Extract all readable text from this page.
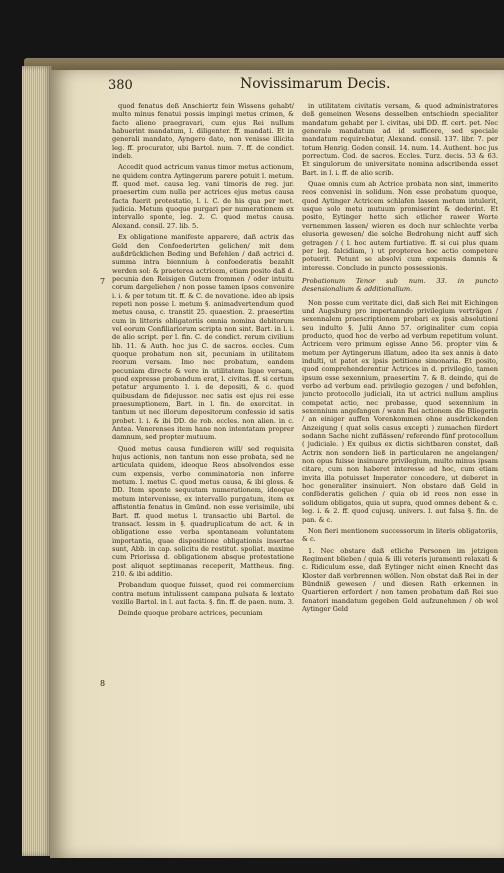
380	Novissimarum Decis.
7
8

quod fenatus deß Anschiertz fein Wissens gehabt/ multo minus fenatui possis impingi metus crimen, & facto alieno praegravari, cum ejus Rei nullum habuerint mandatum, l. diligenter. ff. mandati. Et in generali mandato, Ayngero dato, non venisse illicita leg. ff. procurator, ubi Bartol. num. 7. ff. de condict. indeb.

Accedit quod actricum vanus timor metus actionum, ne quidem contra Aytingerum parere potuit l. metum. ff. quod met. causa leg. vani timoris de reg. jur. praesertim cum nulla per actrices ejus metus causa facta fuerit protestatio, l. i. C. de his qua per met. judicia. Metum quoque purgari per numerationem ex intervallo sponte, leg. 2. C. quod metus causa. Alexand. consil. 27. lib. 5.

Ex obligatione manifeste apparere, daß actrix das Geld den Confoederirten gelichen/ mit dem außdrücklichen Beding und Befehlen / daß actrici d. summa intra biennium à confoederatis bezahlt werden sol: & praeterea actricem, etiam posito daß d. pecunia den Reisigen Gutem frommen / oder intuitu corum dargeliehen / non posse tamen ipsos convenire i. i. & per totum tit. ff. & C. de novatione. ideo ab ipsis repeti non posse l. metum §. animadvertendum quod metus causa, c. transtit 25. quaestion. 2. praesertim cum in litteris obligatoriis omnia nomina debitorum vel eorum Confiliariorum scripta non sint. Bart. in l. i. de alio script. per l. fin. C. de condict. rerum civilium lib. 11. & Auth. hoc jus C. de sacros. eccles. Cum quoque probatum non sit, pecuniam in utilitatem reorum versam. Imo nec probatum, eandem pecuniam directe & vere in utilitatem ligae versam, quod expresse probandum erat, l. civitas. ff. si certum petatur argumento l. i. de depositi, & c. quod quibusdam de fidejussor. nec satis est ejus rei esse praesumptionem, Bart. in l. fin. de exercitat. in tantum ut nec illorum depositorum confessio id satis probet. l. i. & ibi DD. de rob. eccles. non alien. in c. Antea. Venerenses item hane non intentatam proprer damnum, sed propter mutuum.

Quod metus causa fundieren will/ sed requisita hujus actionis, non tantum non esse probata, sed ne articulata quidem, ideoque Reos absolvendos esse cum expensis, verbo comminatoria non inferre metum. l. metus C. quod metus causa, & ibi gloss. & DD. Item sponte sequutam numerationem, ideoque metum intervenisse, ex intervallo purgatum, item ex affistentia fenatus in Gmünd. non esse verisimile, ubi Bart. ff. quod metus l. transactio ubi Bartol. de transact. lessm in §. quadruplicatum de act. & in obligatione esse verba spontaneam voluntatem importantia, quae dispositione obligationis insertae sunt, Abb. in cap. solicitu de restitut. spoliat. maxime cum Priorissa d. obligationem absque protestatione post aliquot septimanas receperit, Mattheus. fing. 210. & ibi additio.

Probandum quoque fuisset, quod rei commercium contra metum intulissent campana pulsata & lextato vexillo Bartol. in l. aut facta. §. fin. ff. de paen. num. 3.

Deinde quoque probare actrices, pecuniam

in utilitatem civitatis versam, & quod administratores deß gemeinen Wesens desselben entschiedn specialiter mandatum gehabt per l. civitas, ubi DD. ff. cert. pet. Nec generale mandatum ad id sufficere, sed speciale mandatum requirebatur, Alexand. consil. 137. libr. 7. per totum Henrig. Goden consil. 14. num. 14. Authent. hoc jus porrectum. Cod. de sacros. Eccles. Turz. decis. 53 & 63. Et singulorum de universitate nomina adscribenda esset Bart. in l. i. ff. de alio scrib.

Quae omnis cum ab Actrice probata non sint, immerito reos convenisi in solidum. Non esse probatum quoque, quod Aytinger Actricem schlafen lassen metum intulerit, usque solo metu mutuum promiserint & dederint. Et posito, Eytinger hette sich etlicher rawer Worte vernemmen lassen/ wieren es doch nur schlechte verba elusoria gewesen/ die solche Bedrohung nicht auff sich getragen / ( l. hoc autem furtiative. ff. si cui plus quam per leg. falcidiam, ) ut propterea hoc actio competere potuerit. Petunt se absolvi cum expensis damnis & interesse. Concludo in puncto possessionis.

Probationum Tenor sub num. 33. in puncto desensionalium & additionalium.

Non posse cum veritate dici, daß sich Rei mit Eichingen und Augsburg pro impertanndo privilegium verträgen / sexennalem praescriptionem probari ex ipsis absolutioni seu indulto §. Julii Anno 57. originaliter cum copia producto, quod hoc de verbo ad verbum repetitum volunt. Actricem vero primum egisse Anno 56. propter vim & metum per Aytingerum illatum, adeo ita sex annis à dato indulti, ut patet ex ipsis petitione simonaria. Et posito, quod comprehenderentur Actrices in d. privilegio, tamen ipsum esse sexennium, praesertim 7. & 8. deinde, qui de verbo ad verbum ead. privilegio gezogen / und befohlen, juncto protocollo judiciali, ita ut actrici nullum amplius competat actio, nec probasse, quod sexennium in sexennium angefangen / wann Rei actionem die Bliegerin / an einiger auffen Vorenkommen ohne ausdrückenden Anzeigung ( quat solis casus excepti ) zumachen fürdert sodann Sache nicht zuflässen/ referendo fünf protocollum ( judiciale. ) Ex quibus ex dictis sichtbaren constet, daß Actrix non sondern ließ in particularen ne angelangen/ non opus fuisse insinuare privilegium, multo minus ipsam citare, cum non haberet interesse ad hoc, cum etiam invita illa potuisset Imperator concedere, ut deberet in hoc generaliter insinuiert. Non obstare daß Geld in conföderatis gelichen / quia ob id reos non esse in solidum obligatos, quia ut supra, quod omnes debent & c. leg. i. & 2. ff. quod cujusq. univers. l. aut falsa §. fin. de pan. & c.

Non fieri mentionem successorum in literis obligatoriis, & c.

1. Nec obstare daß etliche Personen im jetzigen Regiment blieben / quia & illi veteris juramenti relaxati & c. Ridiculum esse, daß Eytinger nicht einen Knecht das Kloster daß verbrennen wöllen. Non obstat daß Rei in der Bündniß gewesen / und diesen Rath erkennen in Quartieren erfordert / non tamen probatum daß Rei suo fenatori mandatum gegeben Geld aufzunehmen / ob wol Aytinger Geld
